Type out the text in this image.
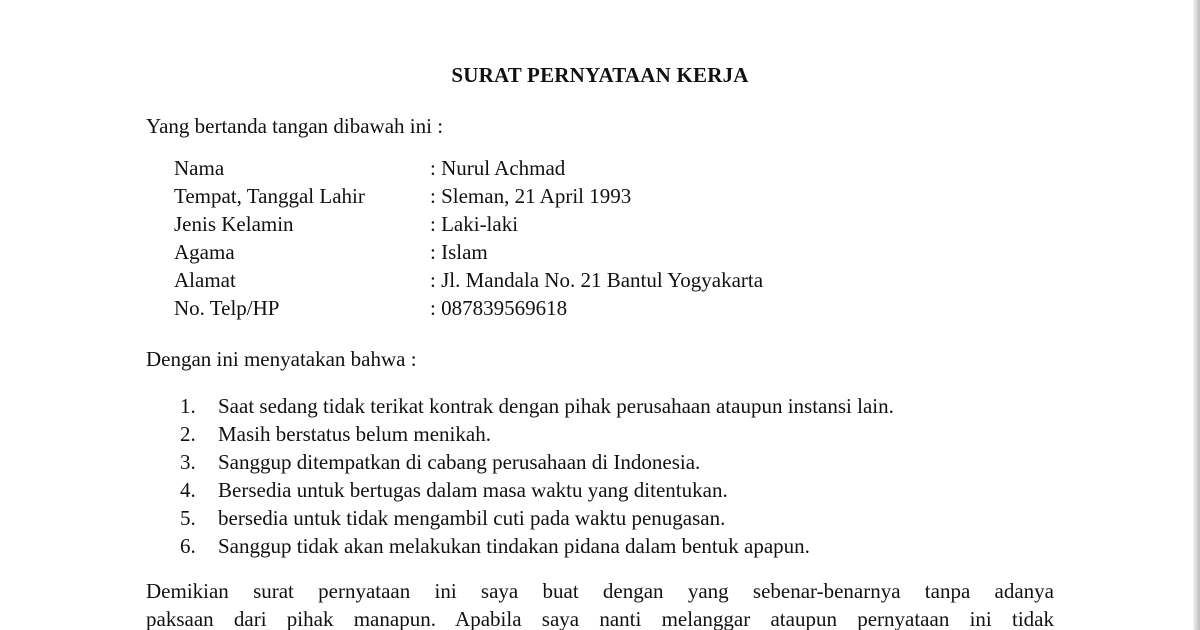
SURAT PERNYATAAN KERJA
Yang bertanda tangan dibawah ini :
Nama	: Nurul Achmad
Tempat, Tanggal Lahir	: Sleman, 21 April 1993
Jenis Kelamin	: Laki-laki
Agama	: Islam
Alamat	: Jl. Mandala No. 21 Bantul Yogyakarta
No. Telp/HP	: 087839569618
Dengan ini menyatakan bahwa :
1. Saat sedang tidak terikat kontrak dengan pihak perusahaan ataupun instansi lain.
2. Masih berstatus belum menikah.
3. Sanggup ditempatkan di cabang perusahaan di Indonesia.
4. Bersedia untuk bertugas dalam masa waktu yang ditentukan.
5. bersedia untuk tidak mengambil cuti pada waktu penugasan.
6. Sanggup tidak akan melakukan tindakan pidana dalam bentuk apapun.
Demikian surat pernyataan ini saya buat dengan yang sebenar-benarnya tanpa adanya
paksaan dari pihak manapun. Apabila saya nanti melanggar ataupun pernyataan ini tidak
